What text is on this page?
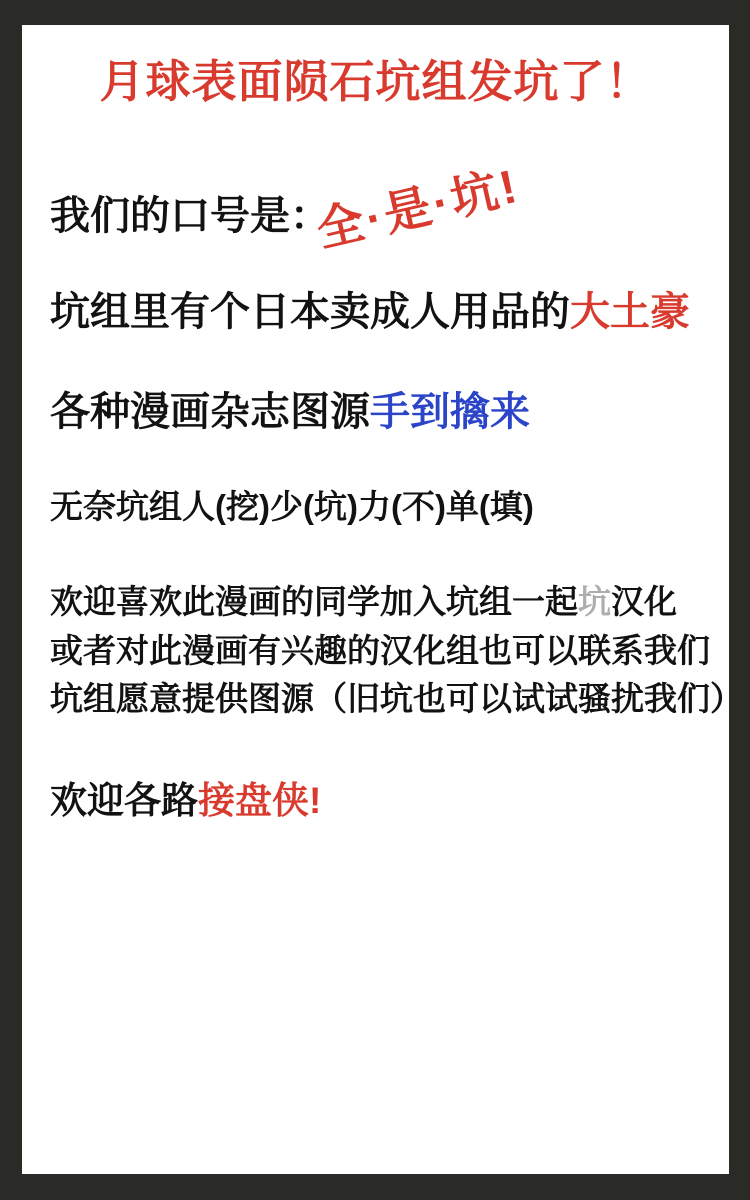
月球表面陨石坑组发坑了！
我们的口号是：
全·是·坑!
坑组里有个日本卖成人用品的大土豪
各种漫画杂志图源手到擒来
无奈坑组人(挖)少(坑)力(不)单(填)
欢迎喜欢此漫画的同学加入坑组一起坑汉化
或者对此漫画有兴趣的汉化组也可以联系我们
坑组愿意提供图源（旧坑也可以试试骚扰我们）
欢迎各路接盘侠!
